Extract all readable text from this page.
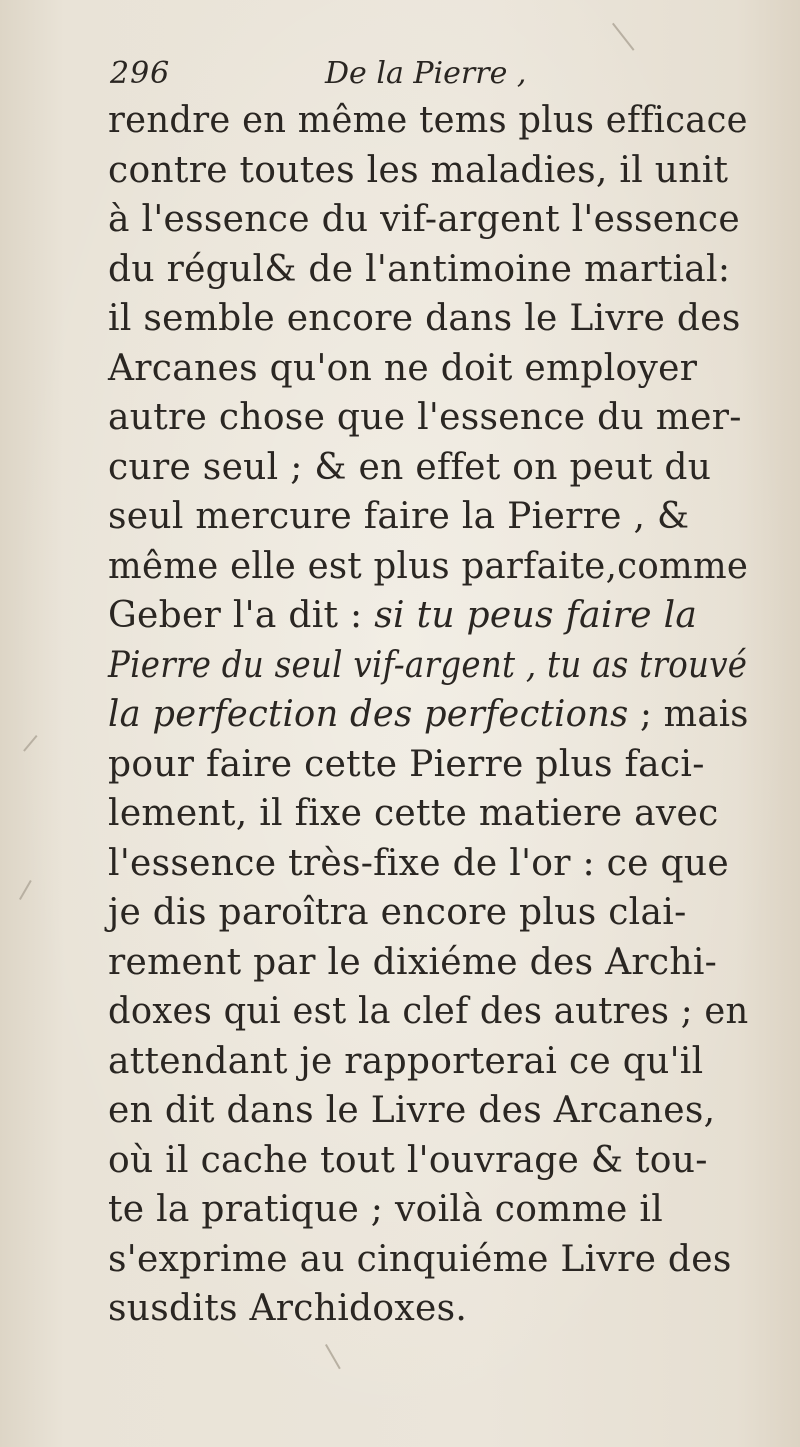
296	De la Pierre ,
rendre en même tems plus efficace
contre toutes les maladies, il unit
à l'essence du vif-argent l'essence
du régul& de l'antimoine martial:
il semble encore dans le Livre des
Arcanes qu'on ne doit employer
autre chose que l'essence du mer-
cure seul ; & en effet on peut du
seul mercure faire la Pierre , &
même elle est plus parfaite,comme
Geber l'a dit : si tu peus faire la
Pierre du seul vif-argent , tu as trouvé
la perfection des perfections ; mais
pour faire cette Pierre plus faci-
lement, il fixe cette matiere avec
l'essence très-fixe de l'or : ce que
je dis paroîtra encore plus clai-
rement par le dixiéme des Archi-
doxes qui est la clef des autres ; en
attendant je rapporterai ce qu'il
en dit dans le Livre des Arcanes,
où il cache tout l'ouvrage & tou-
te la pratique ; voilà comme il
s'exprime au cinquiéme Livre des
susdits Archidoxes.
